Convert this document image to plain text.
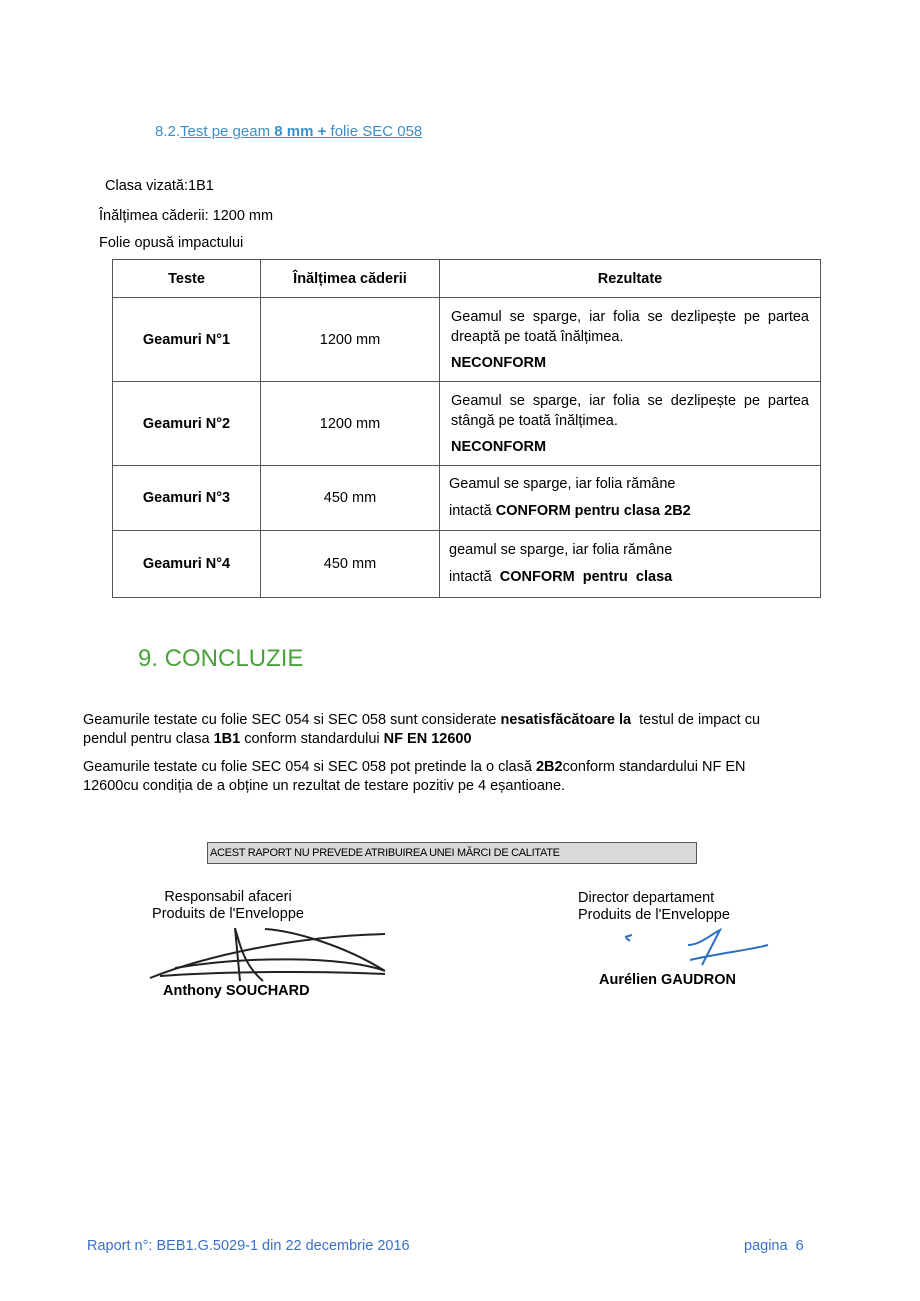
8.2.Test pe geam 8 mm + folie SEC 058
Clasa vizată:1B1
Înălțimea căderii: 1200 mm
Folie opusă impactului
Teste	Înălțimea căderii	Rezultate
Geamuri N°1	1200 mm	Geamul se sparge, iar folia se dezlipește pe partea dreaptă pe toată înălțimea.
NECONFORM

Geamuri N°2	1200 mm	Geamul se sparge, iar folia se dezlipește pe partea stângă pe toată înălțimea.
NECONFORM

Geamuri N°3	450 mm	Geamul se sparge, iar folia rămâne
intactă CONFORM pentru clasa 2B2

Geamuri N°4	450 mm	geamul se sparge, iar folia rămâne
intactă  CONFORM  pentru  clasa
9. CONCLUZIE
Geamurile testate cu folie SEC 054 si SEC 058 sunt considerate nesatisfăcătoare la  testul de impact cu pendul pentru clasa 1B1 conform standardului NF EN 12600
Geamurile testate cu folie SEC 054 si SEC 058 pot pretinde la o clasă 2B2conform standardului NF EN 12600cu condiția de a obține un rezultat de testare pozitiv pe 4 eșantioane.
ACEST RAPORT NU PREVEDE ATRIBUIREA UNEI MĂRCI DE CALITATE
Responsabil afaceri
Produits de l'Enveloppe
Anthony SOUCHARD
Director departament
Produits de l'Enveloppe
Aurélien GAUDRON
Raport n°: BEB1.G.5029-1 din 22 decembrie 2016	pagina  6
